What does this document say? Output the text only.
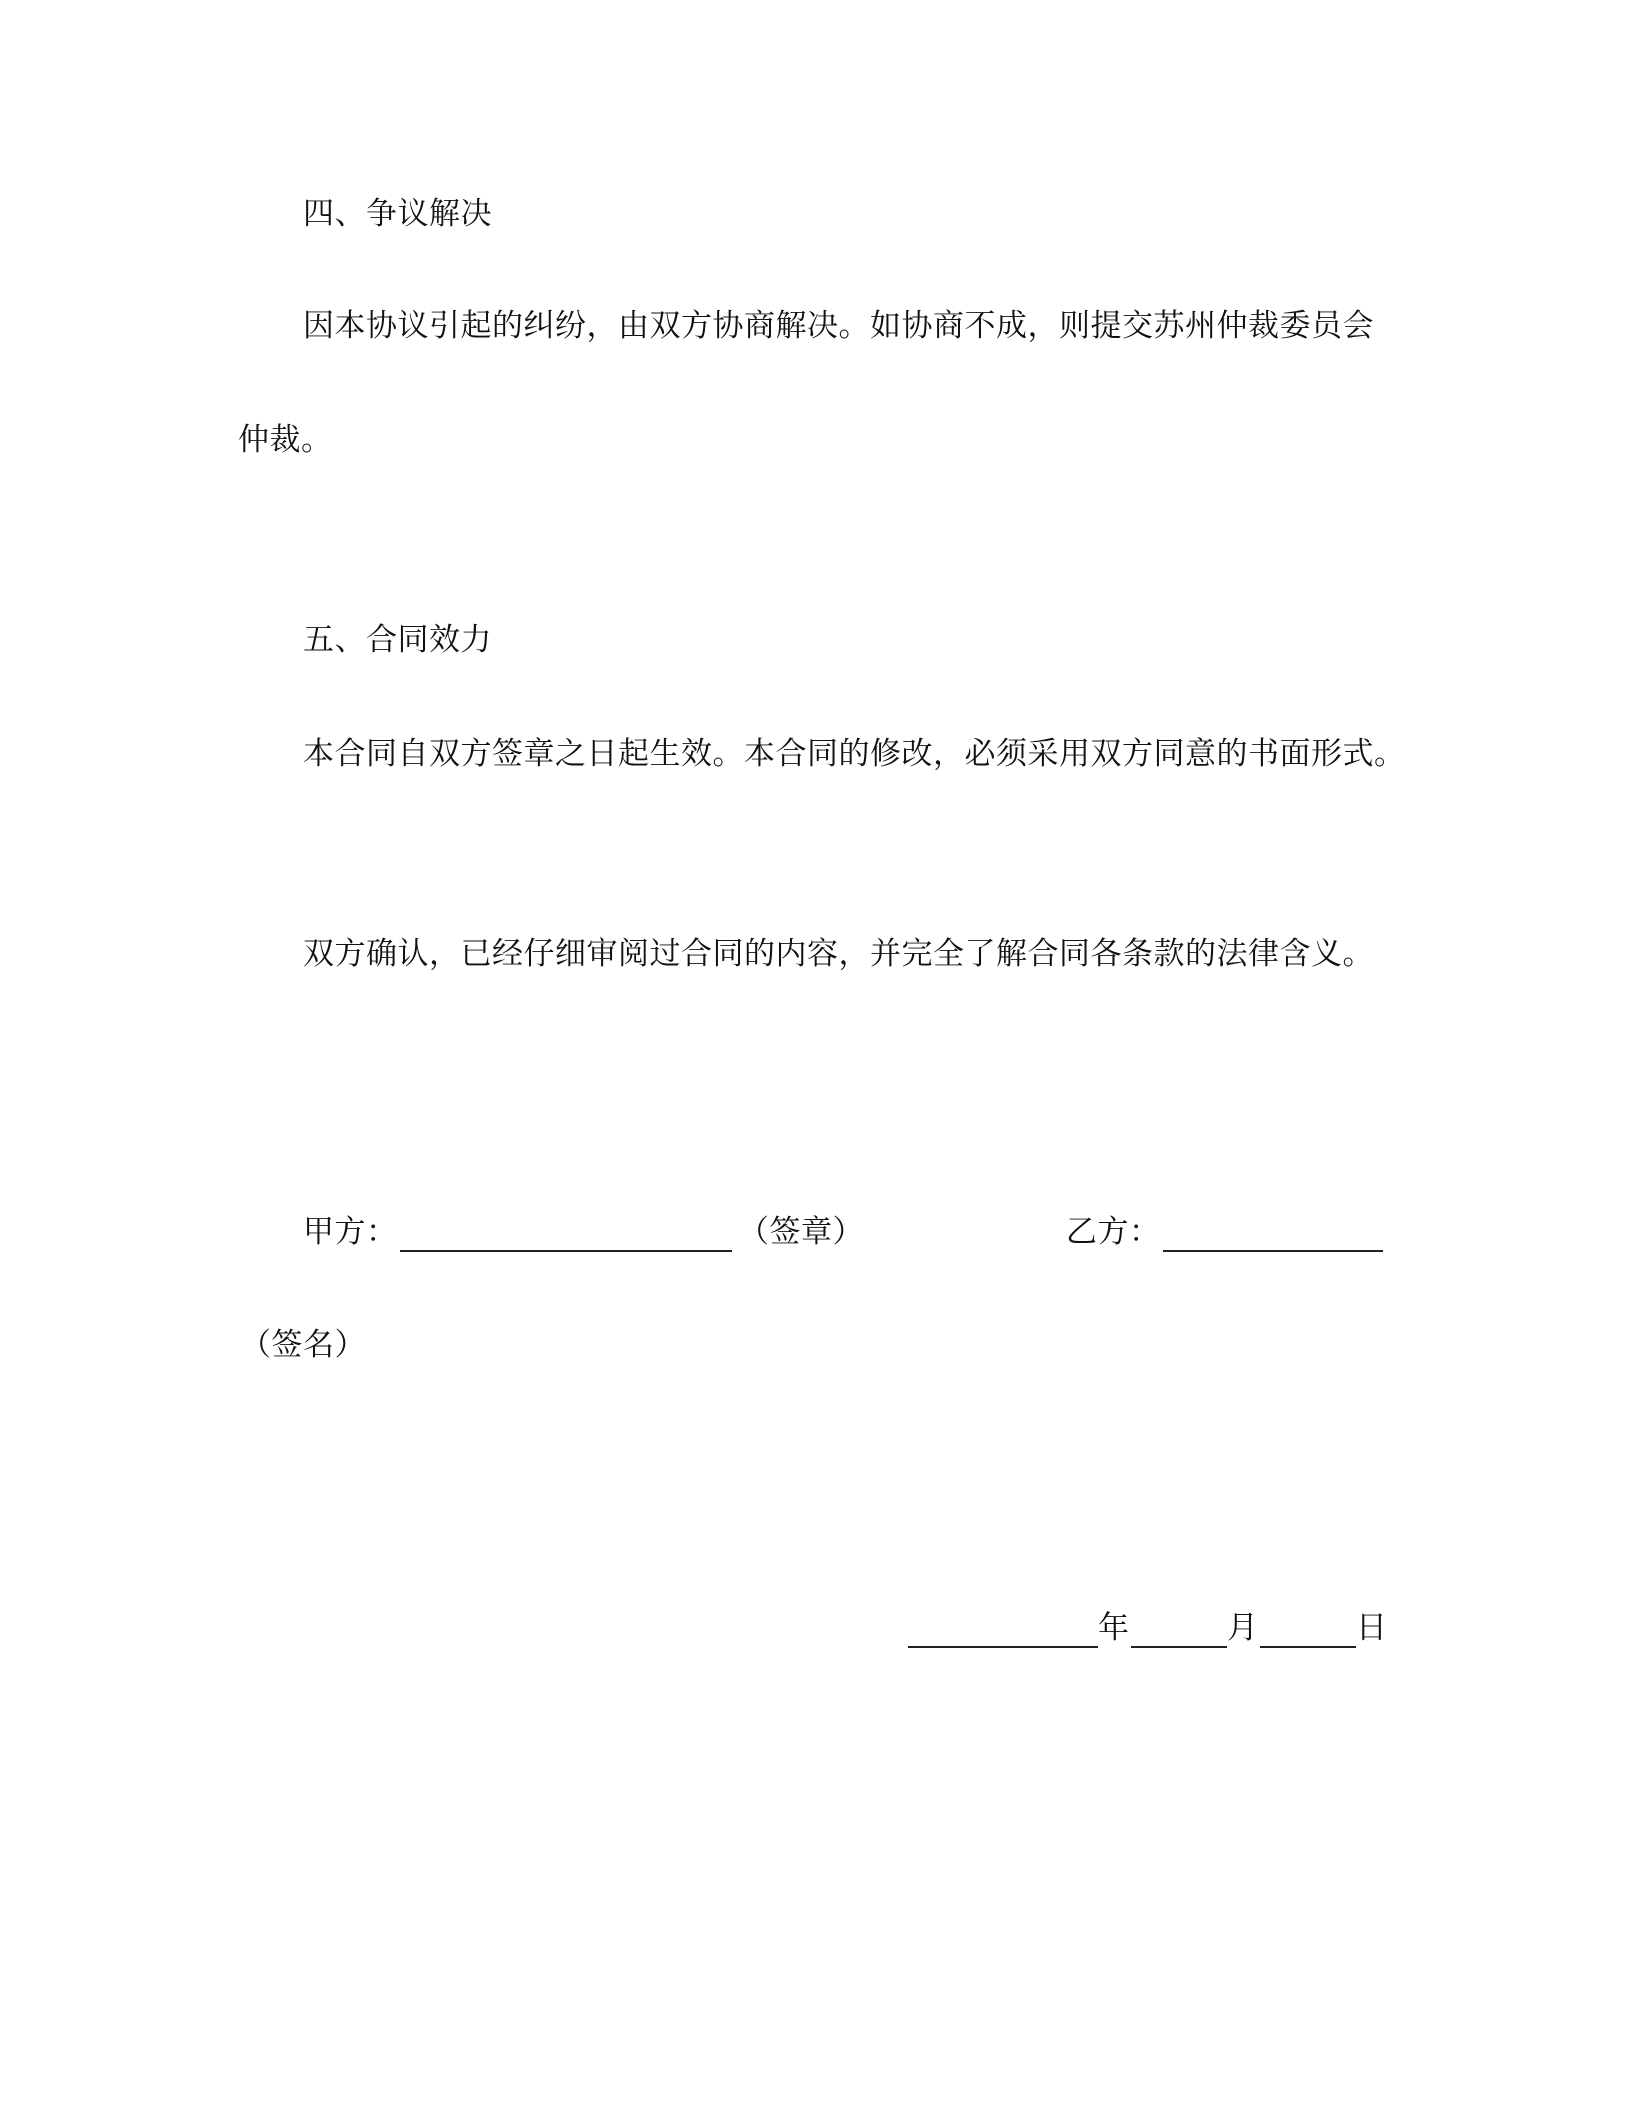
四、争议解决
因本协议引起的纠纷，由双方协商解决。如协商不成，则提交苏州仲裁委员会
仲裁。
五、合同效力
本合同自双方签章之日起生效。本合同的修改，必须采用双方同意的书面形式。
双方确认，已经仔细审阅过合同的内容，并完全了解合同各条款的法律含义。
甲方：	（签章）	乙方：
（签名）
年	月	日
